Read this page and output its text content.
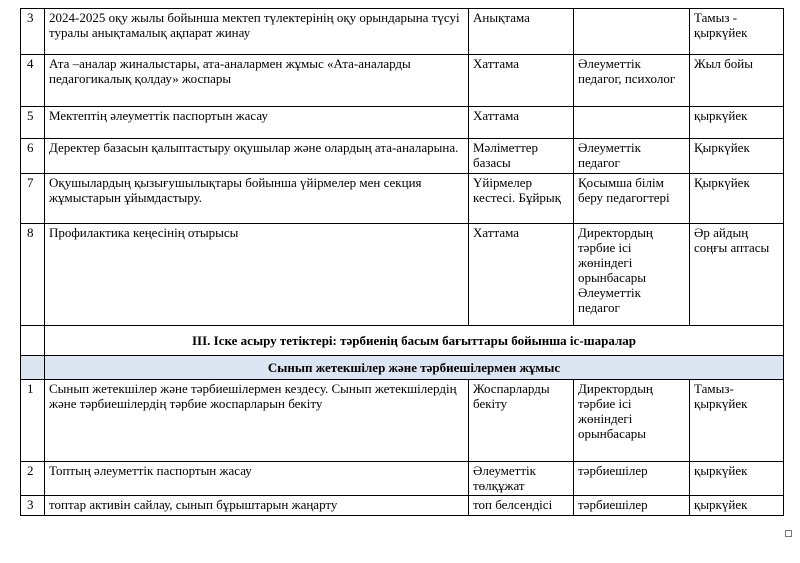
3	2024-2025 оқу жылы бойынша мектеп түлектерінің оқу орындарына түсуі туралы анықтамалық ақпарат жинау	Анықтама		Тамыз - қыркүйек
4	Ата –аналар жиналыстары, ата-аналармен жұмыс «Ата-аналарды педагогикалық қолдау» жоспары	Хаттама	Әлеуметтік педагог, психолог	Жыл бойы
5	Мектептің әлеуметтік паспортын жасау	Хаттама		қыркүйек
6	Деректер базасын қалыптастыру оқушылар және олардың ата-аналарына.	Мәліметтер базасы	Әлеуметтік педагог	Қыркүйек
7	Оқушылардың қызығушылықтары бойынша үйірмелер мен секция жұмыстарын ұйымдастыру.	Үйірмелер кестесі. Бұйрық	Қосымша білім беру педагогтері	Қыркүйек
8	Профилактика кеңесінің отырысы	Хаттама	Директордың тәрбие ісі жөніндегі орынбасары Әлеуметтік педагог	Әр айдың соңғы аптасы
	III. Іске асыру тетіктері: тәрбиенің басым бағыттары бойынша іс-шаралар			
	Сынып жетекшілер және тәрбиешілермен жұмыс			
1	Сынып жетекшілер және тәрбиешілермен кездесу. Сынып жетекшілердің және тәрбиешілердің тәрбие жоспарларын бекіту	Жоспарларды бекіту	Директордың тәрбие ісі жөніндегі орынбасары	Тамыз- қыркүйек
2	Топтың әлеуметтік паспортын жасау	Әлеуметтік төлқұжат	тәрбиешілер	қыркүйек
3	топтар активін сайлау, сынып бұрыштарын жаңарту	топ белсендісі	тәрбиешілер	қыркүйек
